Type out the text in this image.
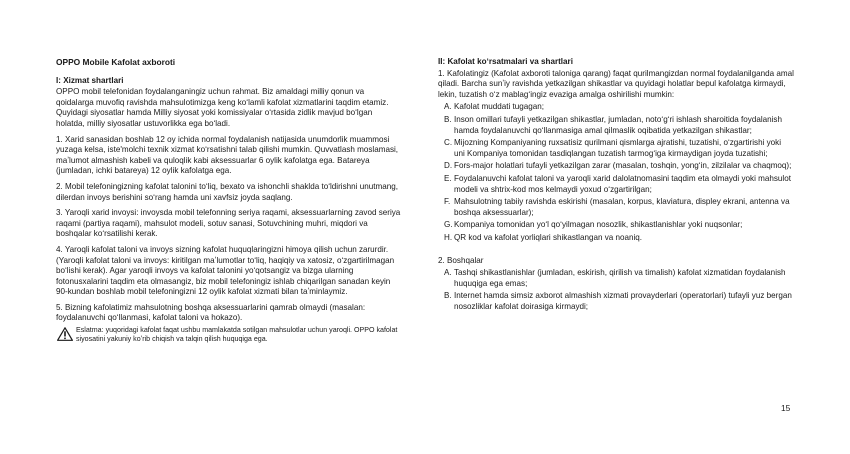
OPPO Mobile Kafolat axboroti
I: Xizmat shartlari

OPPO mobil telefonidan foydalanganingiz uchun rahmat. Biz amaldagi milliy qonun va qoidalarga muvofiq ravishda mahsulotimizga keng koʻlamli kafolat xizmatlarini taqdim etamiz. Quyidagi siyosatlar hamda Milliy siyosat yoki komissiyalar oʻrtasida zidlik mavjud boʻlgan holatda, milliy siyosatlar ustuvorlikka ega boʻladi.

1. Xarid sanasidan boshlab 12 oy ichida normal foydalanish natijasida unumdorlik muammosi yuzaga kelsa, iste'molchi texnik xizmat koʻrsatishni talab qilishi mumkin. Quvvatlash moslamasi, maʼlumot almashish kabeli va quloqlik kabi aksessuarlar 6 oylik kafolatga ega. Batareya (jumladan, ichki batareya) 12 oylik kafolatga ega.

2. Mobil telefoningizning kafolat talonini toʻliq, bexato va ishonchli shaklda toʻldirishni unutmang, dilerdan invoys berishini soʻrang hamda uni xavfsiz joyda saqlang.

3. Yaroqli xarid invoysi: invoysda mobil telefonning seriya raqami, aksessuarlarning zavod seriya raqami (partiya raqami), mahsulot modeli, sotuv sanasi, Sotuvchining muhri, miqdori va boshqalar koʻrsatilishi kerak.

4. Yaroqli kafolat taloni va invoys sizning kafolat huquqlaringizni himoya qilish uchun zarurdir. (Yaroqli kafolat taloni va invoys: kiritilgan maʼlumotlar toʻliq, haqiqiy va xatosiz, oʻzgartirilmagan boʻlishi kerak). Agar yaroqli invoys va kafolat talonini yoʻqotsangiz va bizga ularning fotonusxalarini taqdim eta olmasangiz, biz mobil telefoningiz ishlab chiqarilgan sanadan keyin 90-kundan boshlab mobil telefoningizni 12 oylik kafolat xizmati bilan taʼminlaymiz.

5. Bizning kafolatimiz mahsulotning boshqa aksessuarlarini qamrab olmaydi (masalan: foydalanuvchi qoʻllanmasi, kafolat taloni va hokazo).

Eslatma: yuqoridagi kafolat faqat ushbu mamlakatda sotilgan mahsulotlar uchun yaroqli. OPPO kafolat siyosatini yakuniy koʻrib chiqish va talqin qilish huquqiga ega.
II: Kafolat koʻrsatmalari va shartlari

1. Kafolatingiz (Kafolat axboroti taloniga qarang) faqat qurilmangizdan normal foydalanilganda amal qiladi. Barcha sunʼiy ravishda yetkazilgan shikastlar va quyidagi holatlar bepul kafolatga kirmaydi, lekin, tuzatish oʻz mablagʻingiz evaziga amalga oshirilishi mumkin:

A. Kafolat muddati tugagan;
B. Inson omillari tufayli yetkazilgan shikastlar, jumladan, notoʻgʻri ishlash sharoitida foydalanish hamda foydalanuvchi qoʻllanmasiga amal qilmaslik oqibatida yetkazilgan shikastlar;
C. Mijozning Kompaniyaning ruxsatisiz qurilmani qismlarga ajratishi, tuzatishi, oʻzgartirishi yoki uni Kompaniya tomonidan tasdiqlangan tuzatish tarmogʻiga kirmaydigan joyda tuzatishi;
D. Fors-major holatlari tufayli yetkazilgan zarar (masalan, toshqin, yongʻin, zilzilalar va chaqmoq);
E. Foydalanuvchi kafolat taloni va yaroqli xarid dalolatnomasini taqdim eta olmaydi yoki mahsulot modeli va shtrix-kod mos kelmaydi yoxud oʻzgartirilgan;
F. Mahsulotning tabiiy ravishda eskirishi (masalan, korpus, klaviatura, displey ekrani, antenna va boshqa aksessuarlar);
G. Kompaniya tomonidan yoʻl qoʻyilmagan nosozlik, shikastlanishlar yoki nuqsonlar;
H. QR kod va kafolat yorliqlari shikastlangan va noaniq.
2. Boshqalar
A. Tashqi shikastlanishlar (jumladan, eskirish, qirilish va timalish) kafolat xizmatidan foydalanish huquqiga ega emas;
B. Internet hamda simsiz axborot almashish xizmati provayderlari (operatorlari) tufayli yuz bergan nosozliklar kafolat doirasiga kirmaydi;
15
